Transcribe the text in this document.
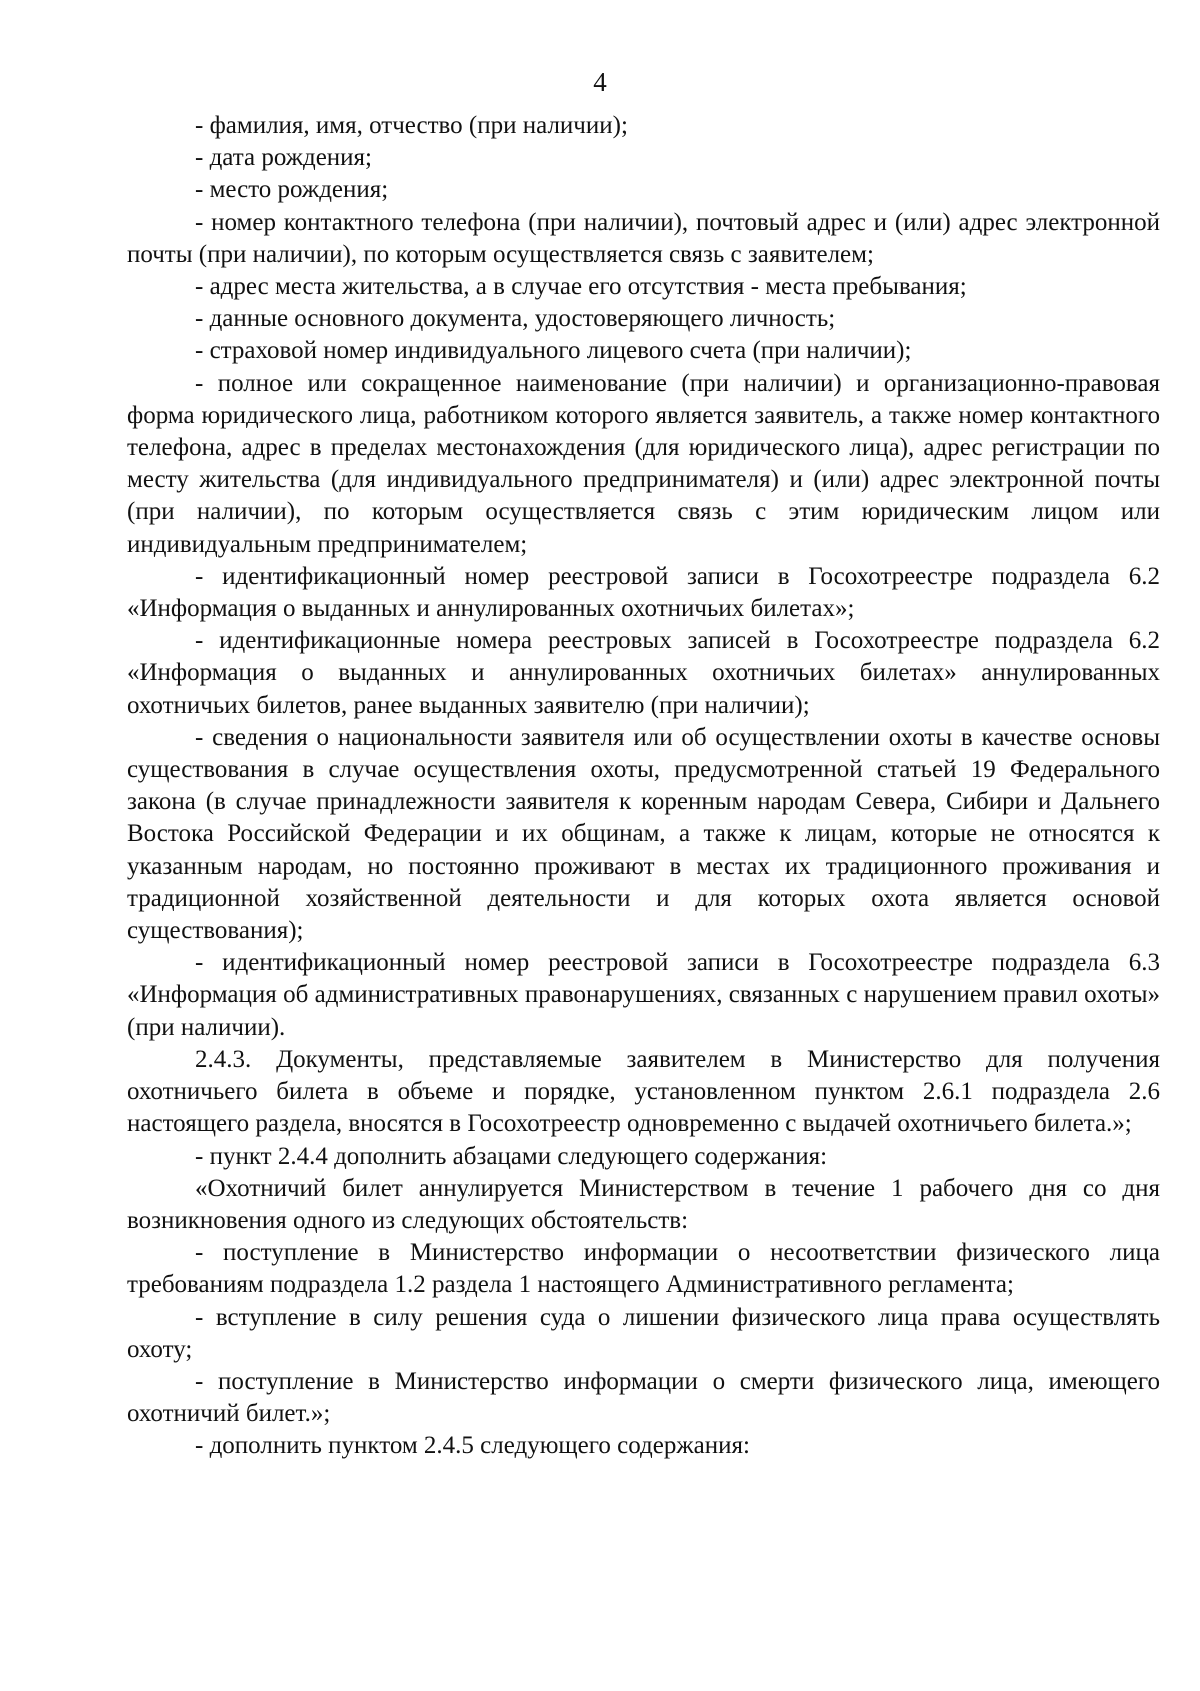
4

- фамилия, имя, отчество (при наличии);

- дата рождения;

- место рождения;

- номер контактного телефона (при наличии), почтовый адрес и (или) адрес электронной почты (при наличии), по которым осуществляется связь с заявителем;

- адрес места жительства, а в случае его отсутствия - места пребывания;

- данные основного документа, удостоверяющего личность;

- страховой номер индивидуального лицевого счета (при наличии);

- полное или сокращенное наименование (при наличии) и организационно-правовая форма юридического лица, работником которого является заявитель, а также номер контактного телефона, адрес в пределах местонахождения (для юридического лица), адрес регистрации по месту жительства (для индивидуального предпринимателя) и (или) адрес электронной почты (при наличии), по которым осуществляется связь с этим юридическим лицом или индивидуальным предпринимателем;

- идентификационный номер реестровой записи в Госохотреестре подраздела 6.2 «Информация о выданных и аннулированных охотничьих билетах»;

- идентификационные номера реестровых записей в Госохотреестре подраздела 6.2 «Информация о выданных и аннулированных охотничьих билетах» аннулированных охотничьих билетов, ранее выданных заявителю (при наличии);

- сведения о национальности заявителя или об осуществлении охоты в качестве основы существования в случае осуществления охоты, предусмотренной статьей 19 Федерального закона (в случае принадлежности заявителя к коренным народам Севера, Сибири и Дальнего Востока Российской Федерации и их общинам, а также к лицам, которые не относятся к указанным народам, но постоянно проживают в местах их традиционного проживания и традиционной хозяйственной деятельности и для которых охота является основой существования);

- идентификационный номер реестровой записи в Госохотреестре подраздела 6.3 «Информация об административных правонарушениях, связанных с нарушением правил охоты» (при наличии).

2.4.3. Документы, представляемые заявителем в Министерство для получения охотничьего билета в объеме и порядке, установленном пунктом 2.6.1 подраздела 2.6 настоящего раздела, вносятся в Госохотреестр одновременно с выдачей охотничьего билета.»;

- пункт 2.4.4 дополнить абзацами следующего содержания:

«Охотничий билет аннулируется Министерством в течение 1 рабочего дня со дня возникновения одного из следующих обстоятельств:

- поступление в Министерство информации о несоответствии физического лица требованиям подраздела 1.2 раздела 1 настоящего Административного регламента;

- вступление в силу решения суда о лишении физического лица права осуществлять охоту;

- поступление в Министерство информации о смерти физического лица, имеющего охотничий билет.»;

- дополнить пунктом 2.4.5 следующего содержания:
